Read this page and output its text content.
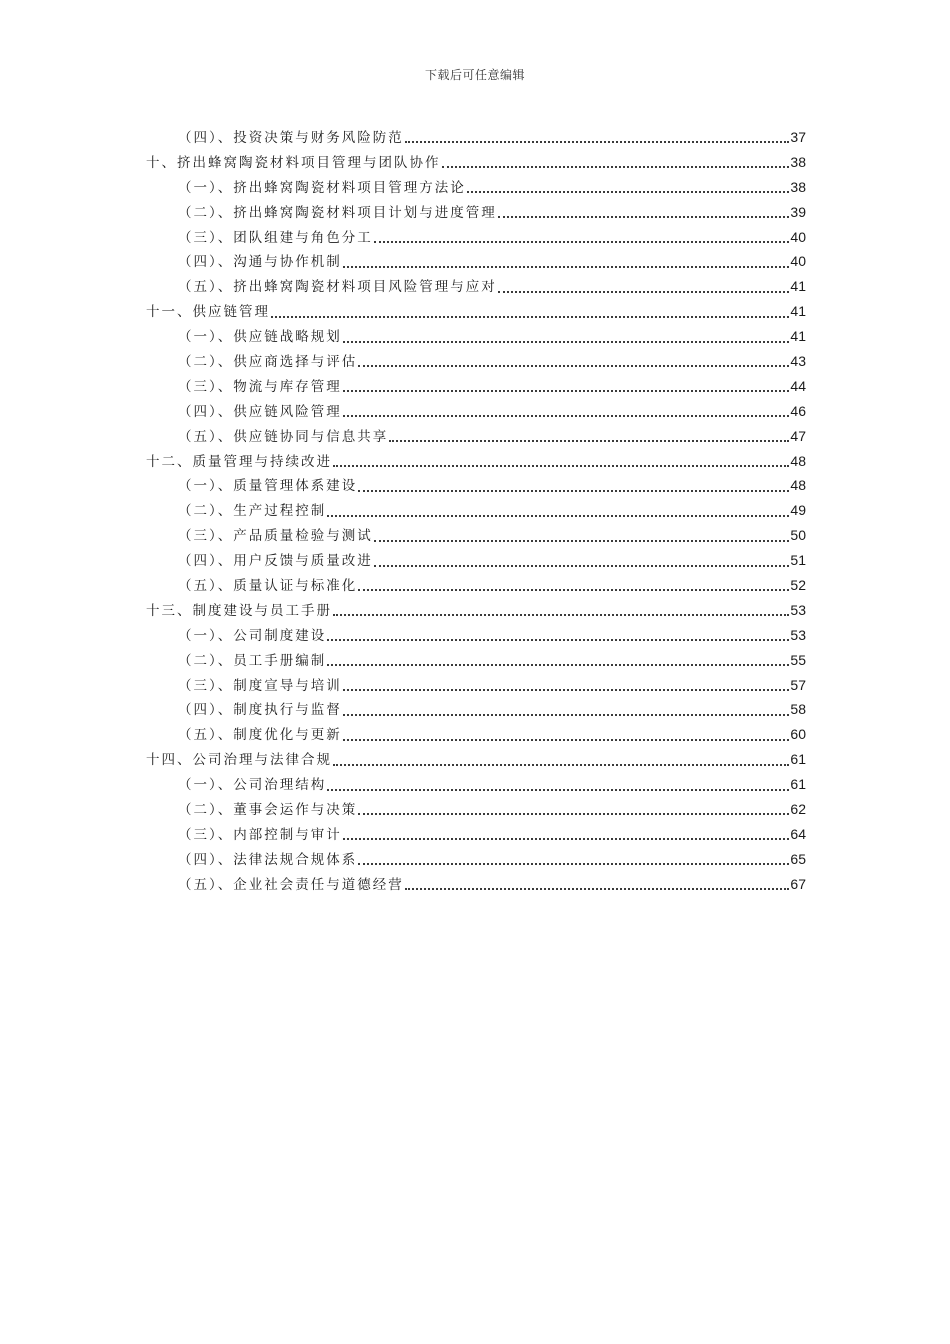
下载后可任意编辑
（四）、投资决策与财务风险防范	37
十、挤出蜂窝陶瓷材料项目管理与团队协作	38
（一）、挤出蜂窝陶瓷材料项目管理方法论	38
（二）、挤出蜂窝陶瓷材料项目计划与进度管理	39
（三）、团队组建与角色分工	40
（四）、沟通与协作机制	40
（五）、挤出蜂窝陶瓷材料项目风险管理与应对	41
十一、供应链管理	41
（一）、供应链战略规划	41
（二）、供应商选择与评估	43
（三）、物流与库存管理	44
（四）、供应链风险管理	46
（五）、供应链协同与信息共享	47
十二、质量管理与持续改进	48
（一）、质量管理体系建设	48
（二）、生产过程控制	49
（三）、产品质量检验与测试	50
（四）、用户反馈与质量改进	51
（五）、质量认证与标准化	52
十三、制度建设与员工手册	53
（一）、公司制度建设	53
（二）、员工手册编制	55
（三）、制度宣导与培训	57
（四）、制度执行与监督	58
（五）、制度优化与更新	60
十四、公司治理与法律合规	61
（一）、公司治理结构	61
（二）、董事会运作与决策	62
（三）、内部控制与审计	64
（四）、法律法规合规体系	65
（五）、企业社会责任与道德经营	67
